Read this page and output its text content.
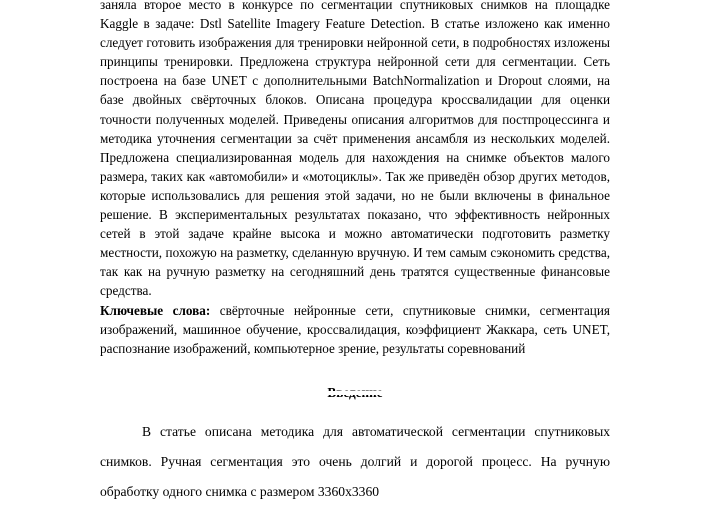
заняла второе место в конкурсе по сегментации спутниковых снимков на площадке Kaggle в задаче: Dstl Satellite Imagery Feature Detection. В статье изложено как именно следует готовить изображения для тренировки нейронной сети, в подробностях изложены принципы тренировки. Предложена структура нейронной сети для сегментации. Сеть построена на базе UNET с дополнительными BatchNormalization и Dropout слоями, на базе двойных свёрточных блоков. Описана процедура кроссвалидации для оценки точности полученных моделей. Приведены описания алгоритмов для постпроцессинга и методика уточнения сегментации за счёт применения ансамбля из нескольких моделей. Предложена специализированная модель для нахождения на снимке объектов малого размера, таких как «автомобили» и «мотоциклы». Так же приведён обзор других методов, которые использовались для решения этой задачи, но не были включены в финальное решение. В экспериментальных результатах показано, что эффективность нейронных сетей в этой задаче крайне высока и можно автоматически подготовить разметку местности, похожую на разметку, сделанную вручную. И тем самым сэкономить средства, так как на ручную разметку на сегодняшний день тратятся существенные финансовые средства.

Ключевые слова: свёрточные нейронные сети, спутниковые снимки, сегментация изображений, машинное обучение, кроссвалидация, коэффициент Жаккара, сеть UNET, распознание изображений, компьютерное зрение, результаты соревнований

В статье описана методика для автоматической сегментации спутниковых снимков. Ручная сегментация это очень долгий и дорогой процесс. На ручную обработку одного снимка с размером 3360x3360
